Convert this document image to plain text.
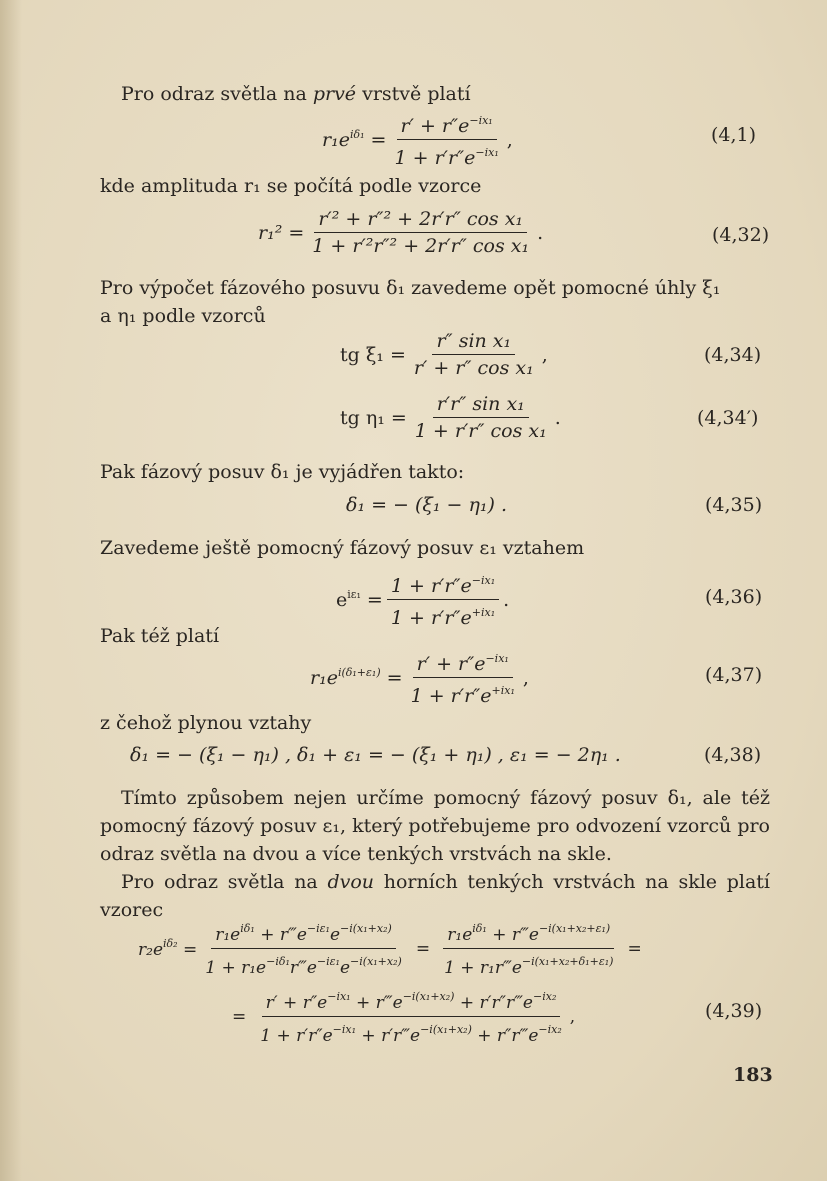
Pro odraz světla na prvé vrstvě platí
$r_1e^{i\delta_1} = \frac{r' + r''e^{-ix_1}}{1 + r'r''e^{-ix_1}}$ ,	(4,1)
kde amplituda r₁ se počítá podle vzorce
$r_1^2 = \frac{\text{r′² + r″² + 2r′r″ cos x₁}}{\text{1 + r′²r″² + 2r′r″ cos x₁}}$ .	(4,32)
Pro výpočet fázového posuvu δ₁ zavedeme opět pomocné úhly ξ₁
a η₁ podle vzorců
tg $\xi_1 = \frac{\text{r″ sin x₁}}{\text{r′ + r″ cos x₁}}$ ,	(4,34)
tg $\eta_1 = \frac{\text{r′r″ sin x₁}}{\text{1 + r′r″ cos x₁}}$ .	(4,34′)
Pak fázový posuv δ₁ je vyjádřen takto:
δ₁ = − (ξ₁ − η₁) .	(4,35)
Zavedeme ještě pomocný fázový posuv ε₁ vztahem
$e^{i\varepsilon_1} = \frac{1 + r'r''e^{-ix_1}}{1 + r'r''e^{+ix_1}}$ .	(4,36)
Pak též platí
$r_1e^{i(\delta_1+\varepsilon_1)} = \frac{r' + r''e^{-ix_1}}{1 + r'r''e^{+ix_1}}$ ,	(4,37)
z čehož plynou vztahy
δ₁ = − (ξ₁ − η₁) , δ₁ + ε₁ = − (ξ₁ + η₁) , ε₁ = − 2η₁ .	(4,38)
Tímto způsobem nejen určíme pomocný fázový posuv δ₁, ale též pomocný fázový posuv ε₁, který potřebujeme pro odvození vzorců pro odraz světla na dvou a více tenkých vrstvách na skle.
Pro odraz světla na dvou horních tenkých vrstvách na skle platí vzorec
$r_2e^{i\delta_2} = \frac{r_1e^{i\delta_1} + r‴e^{-i\varepsilon_1}e^{-i(x_1+x_2)}}{1 + r_1e^{-i\delta_1}r‴e^{-i\varepsilon_1}e^{-i(x_1+x_2)}} = \frac{r_1e^{i\delta_1} + r‴e^{-i(x_1+x_2+\varepsilon_1)}}{1 + r_1r‴e^{-i(x_1+x_2+\delta_1+\varepsilon_1)}}$ =
= $\frac{r' + r''e^{-ix_1} + r‴e^{-i(x_1+x_2)} + r'r''r‴e^{-ix_2}}{1 + r'r''e^{-ix_1} + r'r‴e^{-i(x_1+x_2)} + r''r‴e^{-ix_2}}$ ,	(4,39)
183
